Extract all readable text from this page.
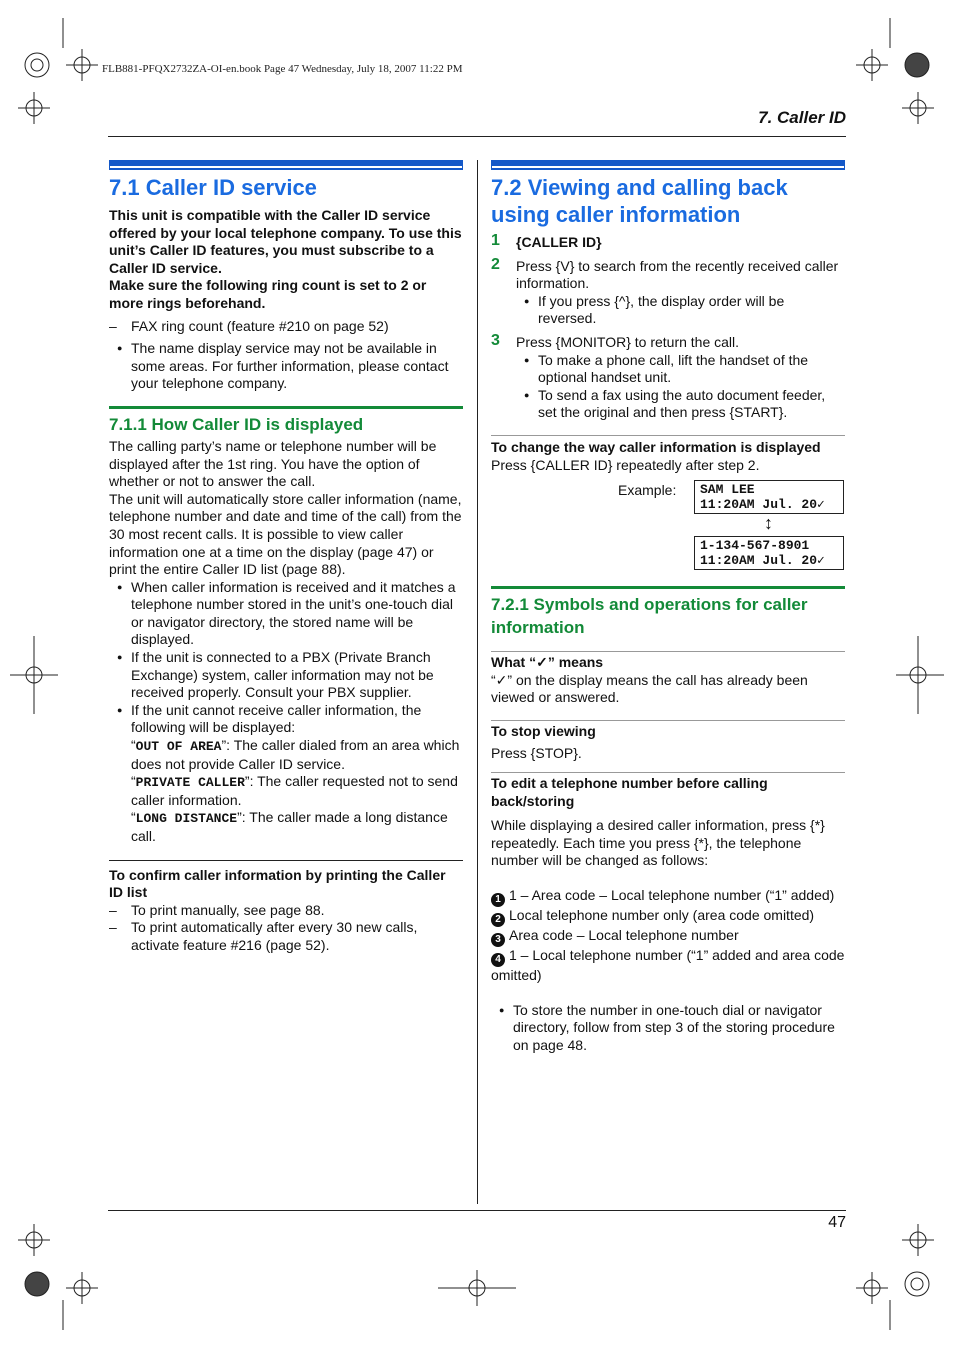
FLB881-PFQX2732ZA-OI-en.book Page 47 Wednesday, July 18, 2007 11:22 PM
7. Caller ID
47
7.1 Caller ID service

This unit is compatible with the Caller ID service offered by your local telephone company. To use this unit’s Caller ID features, you must subscribe to a Caller ID service.

Make sure the following ring count is set to 2 or more rings beforehand.

– FAX ring count (feature #210 on page 52)

● The name display service may not be available in some areas. For further information, please contact your telephone company.

7.1.1 How Caller ID is displayed

The calling party’s name or telephone number will be displayed after the 1st ring. You have the option of whether or not to answer the call.

The unit will automatically store caller information (name, telephone number and date and time of the call) from the 30 most recent calls. It is possible to view caller information one at a time on the display (page 47) or print the entire Caller ID list (page 88).

● When caller information is received and it matches a telephone number stored in the unit’s one-touch dial or navigator directory, the stored name will be displayed.

● If the unit is connected to a PBX (Private Branch Exchange) system, caller information may not be received properly. Consult your PBX supplier.

● If the unit cannot receive caller information, the following will be displayed:

“OUT OF AREA”: The caller dialed from an area which does not provide Caller ID service.

“PRIVATE CALLER”: The caller requested not to send caller information.

“LONG DISTANCE”: The caller made a long distance call.

To confirm caller information by printing the Caller ID list

– To print manually, see page 88.

– To print automatically after every 30 new calls, activate feature #216 (page 52).

7.2 Viewing and calling back using caller information

1 {CALLER ID}

2 Press {V} to search from the recently received caller information.

● If you press {^}, the display order will be reversed.

3 Press {MONITOR} to return the call.

● To make a phone call, lift the handset of the optional handset unit.

● To send a fax using the auto document feeder, set the original and then press {START}.

To change the way caller information is displayed

Press {CALLER ID} repeatedly after step 2.

Example: SAM LEE
11:20AM Jul. 20✓
↕
1-134-567-8901
11:20AM Jul. 20✓
7.2.1 Symbols and operations for caller information

What “✓” means

“✓” on the display means the call has already been viewed or answered.

To stop viewing

Press {STOP}.

To edit a telephone number before calling back/storing

While displaying a desired caller information, press {*} repeatedly. Each time you press {*}, the telephone number will be changed as follows:

1 1 – Area code – Local telephone number (“1” added)

2 Local telephone number only (area code omitted)

3 Area code – Local telephone number

4 1 – Local telephone number (“1” added and area code omitted)

● To store the number in one-touch dial or navigator directory, follow from step 3 of the storing procedure on page 48.
